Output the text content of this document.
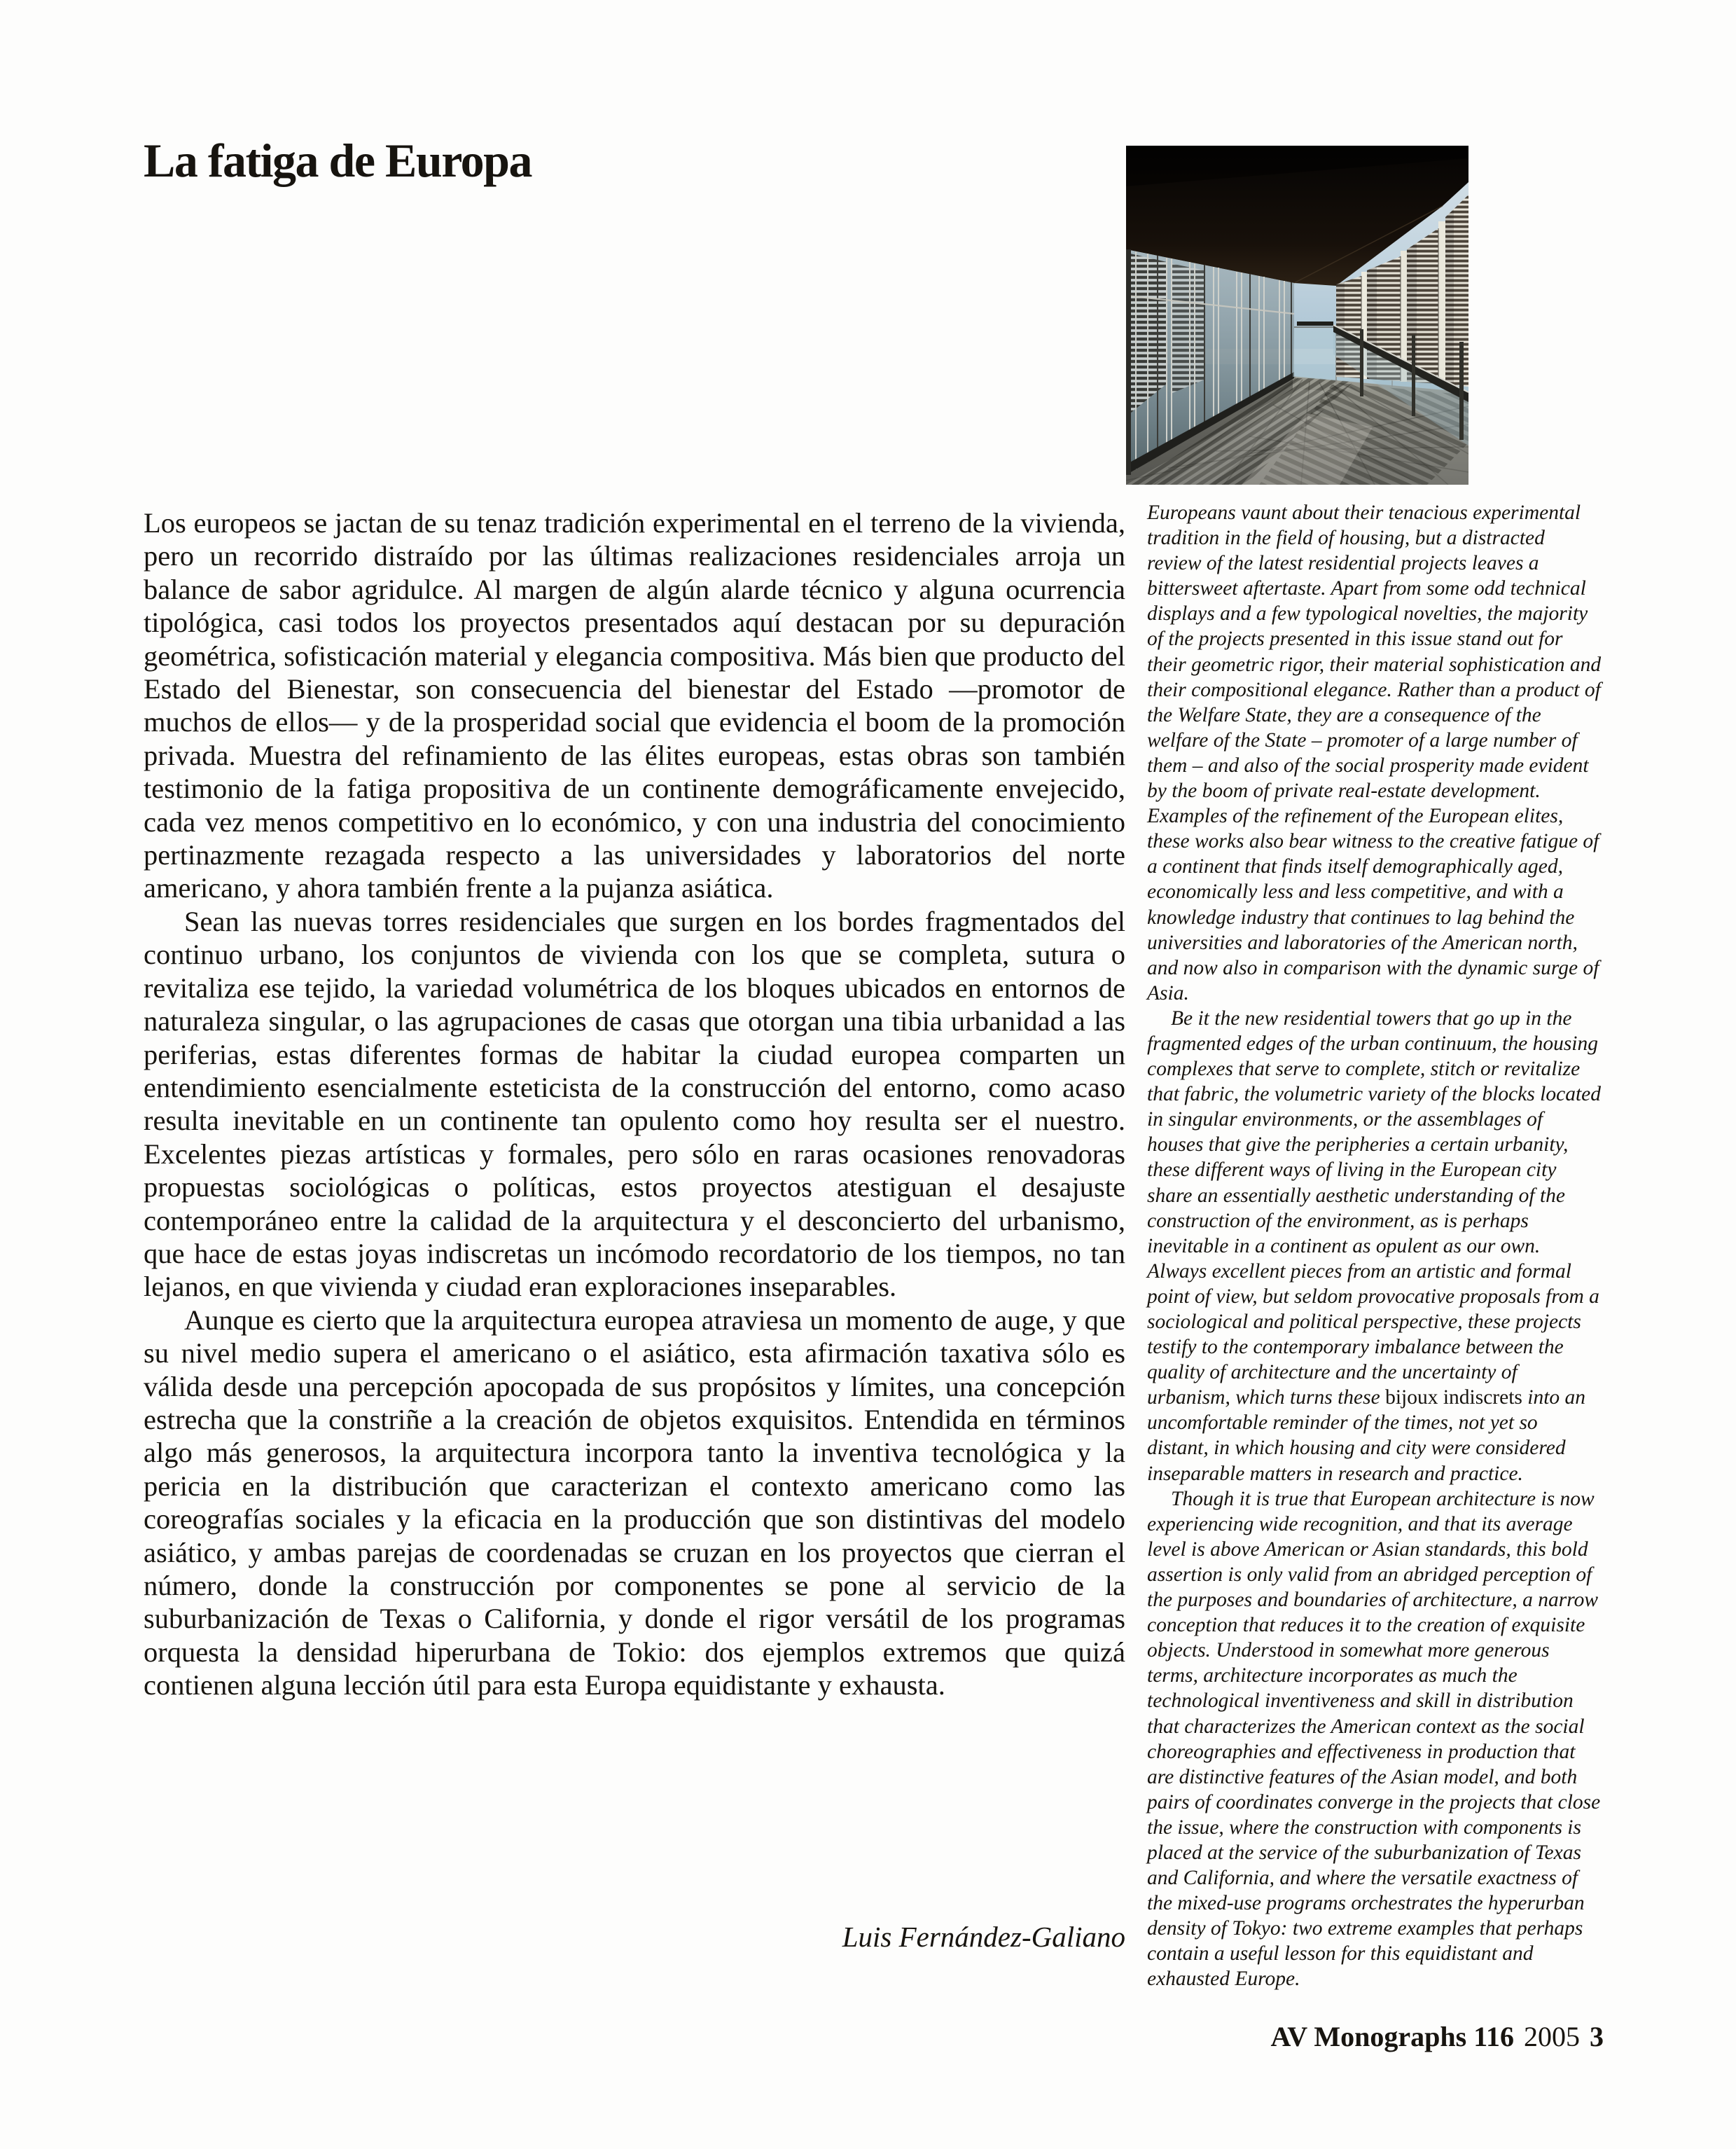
La fatiga de Europa

Los europeos se jactan de su tenaz tradición experimental en el terreno de la vivienda, pero un recorrido distraído por las últimas realizaciones residenciales arroja un balance de sabor agridulce. Al margen de algún alarde técnico y alguna ocurrencia tipológica, casi todos los proyectos presentados aquí destacan por su depuración geométrica, sofisticación material y elegancia compositiva. Más bien que producto del Estado del Bienestar, son consecuencia del bienestar del Estado —promotor de muchos de ellos— y de la prosperidad social que evidencia el boom de la promoción privada. Muestra del refinamiento de las élites europeas, estas obras son también testimonio de la fatiga propositiva de un continente demográficamente envejecido, cada vez menos competitivo en lo económico, y con una industria del conocimiento pertinazmente rezagada respecto a las universidades y laboratorios del norte americano, y ahora también frente a la pujanza asiática.

Sean las nuevas torres residenciales que surgen en los bordes fragmentados del continuo urbano, los conjuntos de vivienda con los que se completa, sutura o revitaliza ese tejido, la variedad volumétrica de los bloques ubicados en entornos de naturaleza singular, o las agrupaciones de casas que otorgan una tibia urbanidad a las periferias, estas diferentes formas de habitar la ciudad europea comparten un entendimiento esencialmente esteticista de la construcción del entorno, como acaso resulta inevitable en un continente tan opulento como hoy resulta ser el nuestro. Excelentes piezas artísticas y formales, pero sólo en raras ocasiones renovadoras propuestas sociológicas o políticas, estos proyectos atestiguan el desajuste contemporáneo entre la calidad de la arquitectura y el desconcierto del urbanismo, que hace de estas joyas indiscretas un incómodo recordatorio de los tiempos, no tan lejanos, en que vivienda y ciudad eran exploraciones inseparables.

Aunque es cierto que la arquitectura europea atraviesa un momento de auge, y que su nivel medio supera el americano o el asiático, esta afirmación taxativa sólo es válida desde una percepción apocopada de sus propósitos y límites, una concepción estrecha que la constriñe a la creación de objetos exquisitos. Entendida en términos algo más generosos, la arquitectura incorpora tanto la inventiva tecnológica y la pericia en la distribución que caracterizan el contexto americano como las coreografías sociales y la eficacia en la producción que son distintivas del modelo asiático, y ambas parejas de coordenadas se cruzan en los proyectos que cierran el número, donde la construcción por componentes se pone al servicio de la suburbanización de Texas o California, y donde el rigor versátil de los programas orquesta la densidad hiperurbana de Tokio: dos ejemplos extremos que quizá contienen alguna lección útil para esta Europa equidistante y exhausta.

Luis Fernández-Galiano

Europeans vaunt about their tenacious experimental tradition in the field of housing, but a distracted review of the latest residential projects leaves a bittersweet aftertaste. Apart from some odd technical displays and a few typological novelties, the majority of the projects presented in this issue stand out for their geometric rigor, their material sophistication and their compositional elegance. Rather than a product of the Welfare State, they are a consequence of the welfare of the State – promoter of a large number of them – and also of the social prosperity made evident by the boom of private real-estate development. Examples of the refinement of the European elites, these works also bear witness to the creative fatigue of a continent that finds itself demographically aged, economically less and less competitive, and with a knowledge industry that continues to lag behind the universities and laboratories of the American north, and now also in comparison with the dynamic surge of Asia.

Be it the new residential towers that go up in the fragmented edges of the urban continuum, the housing complexes that serve to complete, stitch or revitalize that fabric, the volumetric variety of the blocks located in singular environments, or the assemblages of houses that give the peripheries a certain urbanity, these different ways of living in the European city share an essentially aesthetic understanding of the construction of the environment, as is perhaps inevitable in a continent as opulent as our own. Always excellent pieces from an artistic and formal point of view, but seldom provocative proposals from a sociological and political perspective, these projects testify to the contemporary imbalance between the quality of architecture and the uncertainty of urbanism, which turns these bijoux indiscrets into an uncomfortable reminder of the times, not yet so distant, in which housing and city were considered inseparable matters in research and practice.

Though it is true that European architecture is now experiencing wide recognition, and that its average level is above American or Asian standards, this bold assertion is only valid from an abridged perception of the purposes and boundaries of architecture, a narrow conception that reduces it to the creation of exquisite objects. Understood in somewhat more generous terms, architecture incorporates as much the technological inventiveness and skill in distribution that characterizes the American context as the social choreographies and effectiveness in production that are distinctive features of the Asian model, and both pairs of coordinates converge in the projects that close the issue, where the construction with components is placed at the service of the suburbanization of Texas and California, and where the versatile exactness of the mixed-use programs orchestrates the hyperurban density of Tokyo: two extreme examples that perhaps contain a useful lesson for this equidistant and exhausted Europe.

AV Monographs 116 2005 3
